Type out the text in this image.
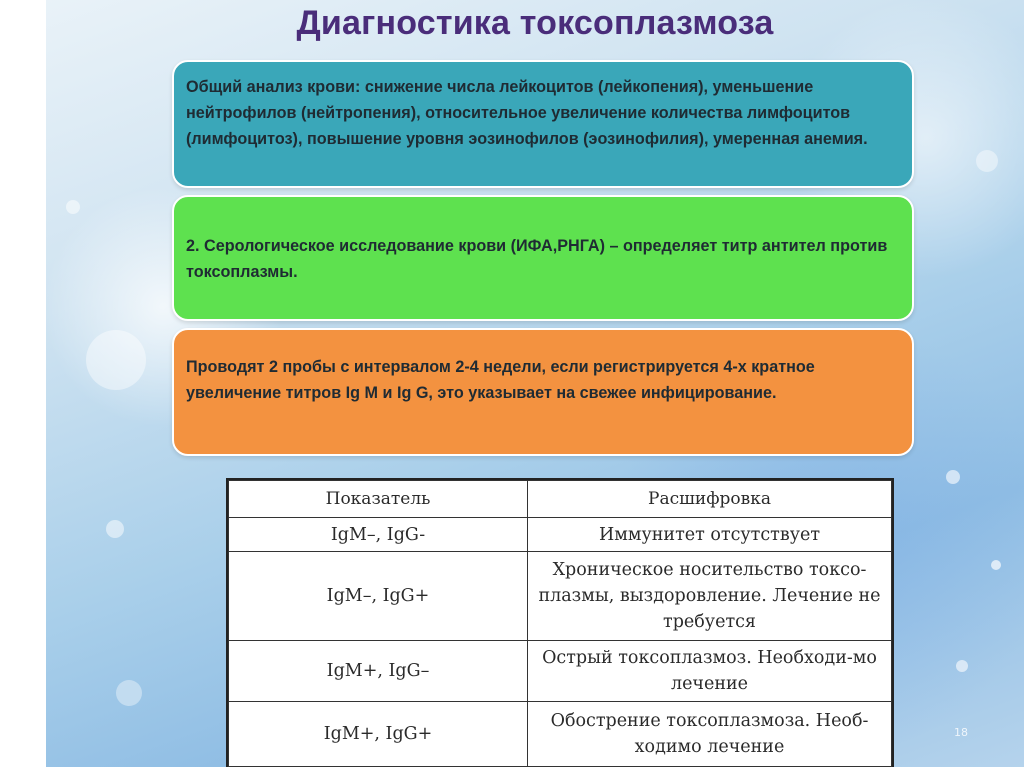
Диагностика токсоплазмоза
Общий анализ крови: снижение числа лейкоцитов (лейкопения), уменьшение нейтрофилов (нейтропения), относительное увеличение количества лимфоцитов (лимфоцитоз), повышение уровня эозинофилов (эозинофилия), умеренная анемия.
2. Серологическое исследование крови (ИФА,РНГА) – определяет титр антител против токсоплазмы.
Проводят 2 пробы с интервалом 2-4 недели, если регистрируется 4-х кратное увеличение титров Ig M и Ig G, это указывает на свежее инфицирование.
Показатель	Расшифровка
IgM–, IgG-	Иммунитет отсутствует
IgM–, IgG+	Хроническое носительство токсо-плазмы, выздоровление. Лечение не требуется
IgM+, IgG–	Острый токсоплазмоз. Необходи-мо лечение
IgM+, IgG+	Обострение токсоплазмоза. Необ-ходимо лечение
18
